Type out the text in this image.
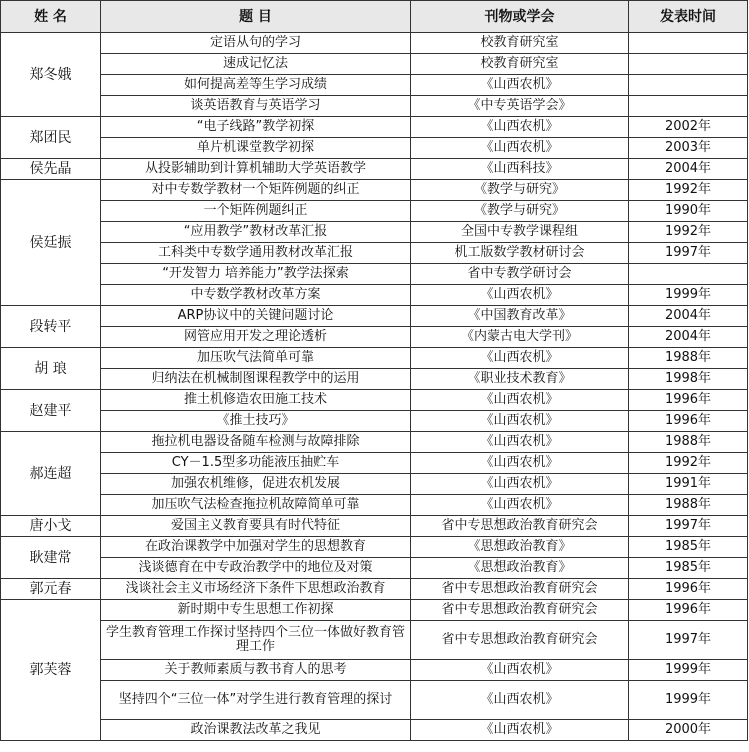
姓 名	题 目	刊物或学会	发表时间
郑冬娥	定语从句的学习	校教育研究室	
	速成记忆法	校教育研究室	
	如何提高差等生学习成绩	《山西农机》	
	谈英语教育与英语学习	《中专英语学会》	
郑团民	“电子线路”教学初探	《山西农机》	2002年
	单片机课堂教学初探	《山西农机》	2003年
侯先晶	从投影辅助到计算机辅助大学英语教学	《山西科技》	2004年
侯廷振	对中专数学教材一个矩阵例题的纠正	《教学与研究》	1992年
	一个矩阵例题纠正	《教学与研究》	1990年
	“应用教学”教材改革汇报	全国中专教学课程组	1992年
	工科类中专数学通用教材改革汇报	机工版数学教材研讨会	1997年
	“开发智力 培养能力”教学法探索	省中专教学研讨会	
	中专数学教材改革方案	《山西农机》	1999年
段转平	ARP协议中的关键问题讨论	《中国教育改革》	2004年
	网管应用开发之理论透析	《内蒙古电大学刊》	2004年
胡 琅	加压吹气法简单可靠	《山西农机》	1988年
	归纳法在机械制图课程教学中的运用	《职业技术教育》	1998年
赵建平	推土机修造农田施工技术	《山西农机》	1996年
	《推土技巧》	《山西农机》	1996年
郝连超	拖拉机电器设备随车检测与故障排除	《山西农机》	1988年
	CY－1.5型多功能液压抽贮车	《山西农机》	1992年
	加强农机维修，促进农机发展	《山西农机》	1991年
	加压吹气法检查拖拉机故障简单可靠	《山西农机》	1988年
唐小戈	爱国主义教育要具有时代特征	省中专思想政治教育研究会	1997年
耿建常	在政治课教学中加强对学生的思想教育	《思想政治教育》	1985年
	浅谈德育在中专政治教学中的地位及对策	《思想政治教育》	1985年
郭元春	浅谈社会主义市场经济下条件下思想政治教育	省中专思想政治教育研究会	1996年
郭芙蓉	新时期中专生思想工作初探	省中专思想政治教育研究会	1996年
	学生教育管理工作探讨坚持四个三位一体做好教育管理工作	省中专思想政治教育研究会	1997年
	关于教师素质与教书育人的思考	《山西农机》	1999年
	坚持四个“三位一体”对学生进行教育管理的探讨	《山西农机》	1999年
	政治课教法改革之我见	《山西农机》	2000年
